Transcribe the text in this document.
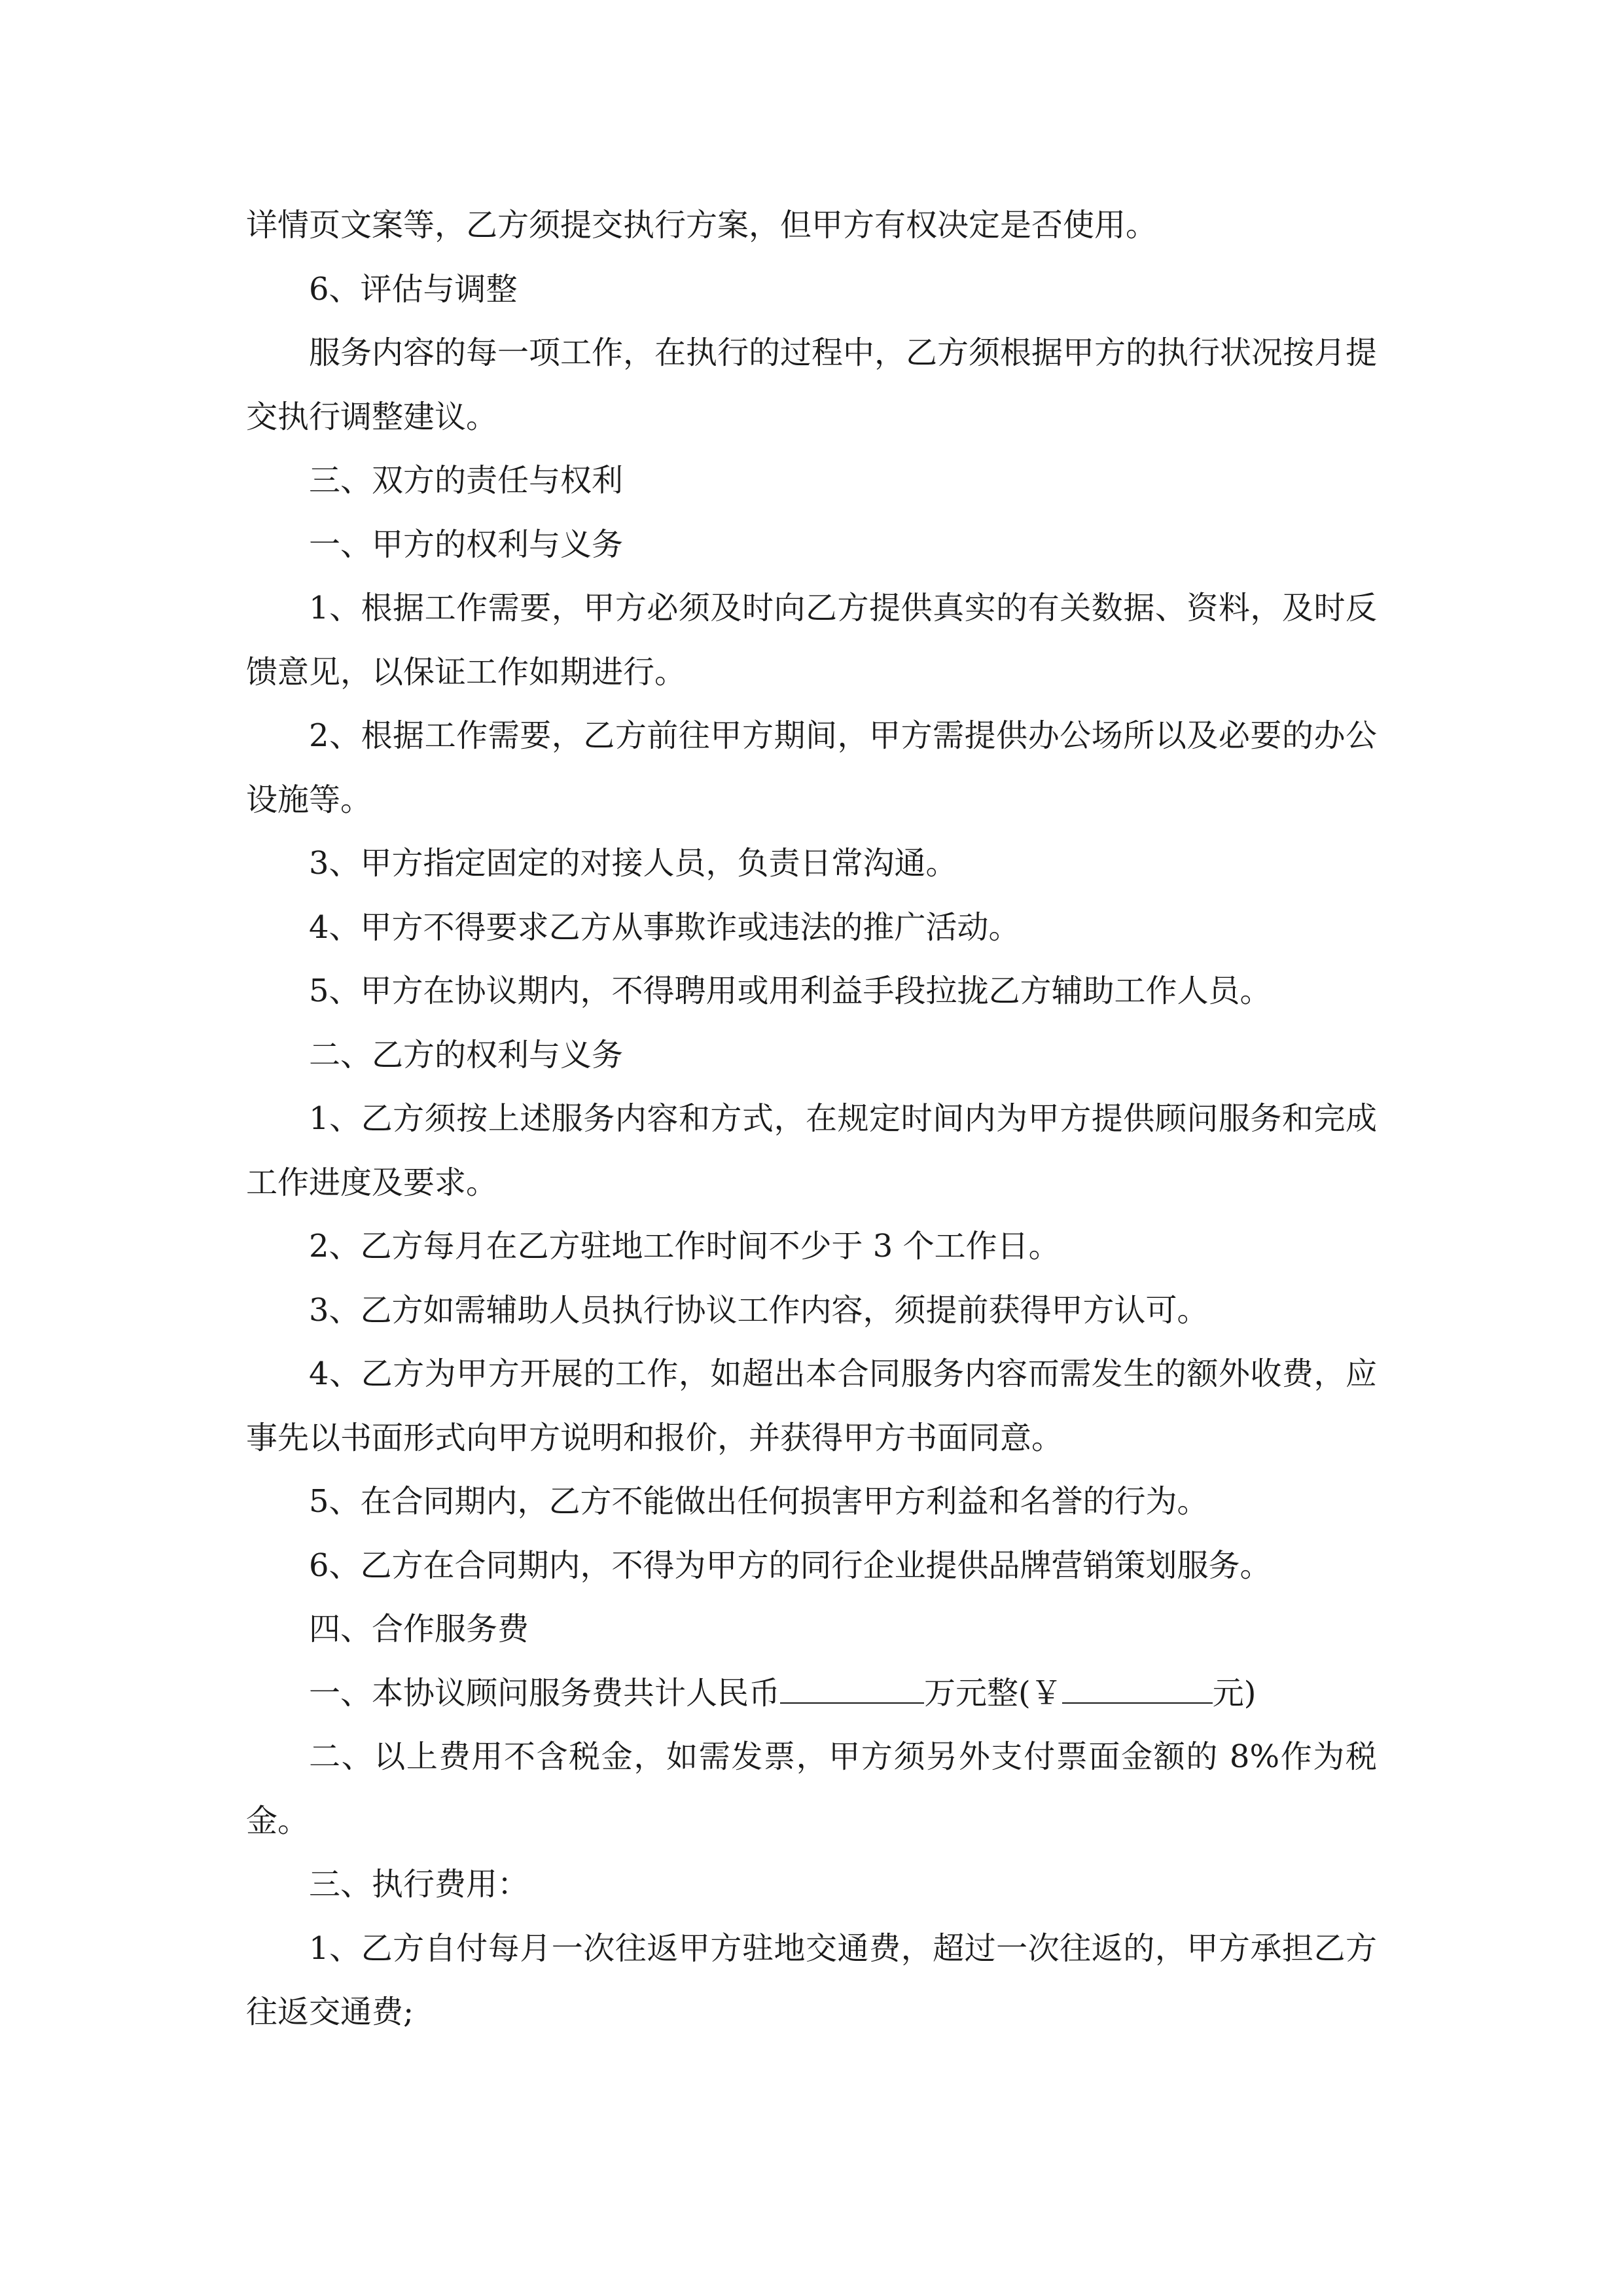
详情页文案等，乙方须提交执行方案，但甲方有权决定是否使用。

6、评估与调整

服务内容的每一项工作，在执行的过程中，乙方须根据甲方的执行状况按月提交执行调整建议。

三、双方的责任与权利

一、甲方的权利与义务

1、根据工作需要，甲方必须及时向乙方提供真实的有关数据、资料，及时反馈意见，以保证工作如期进行。

2、根据工作需要，乙方前往甲方期间，甲方需提供办公场所以及必要的办公设施等。

3、甲方指定固定的对接人员，负责日常沟通。

4、甲方不得要求乙方从事欺诈或违法的推广活动。

5、甲方在协议期内，不得聘用或用利益手段拉拢乙方辅助工作人员。

二、乙方的权利与义务

1、乙方须按上述服务内容和方式，在规定时间内为甲方提供顾问服务和完成工作进度及要求。

2、乙方每月在乙方驻地工作时间不少于 3 个工作日。

3、乙方如需辅助人员执行协议工作内容，须提前获得甲方认可。

4、乙方为甲方开展的工作，如超出本合同服务内容而需发生的额外收费，应事先以书面形式向甲方说明和报价，并获得甲方书面同意。

5、在合同期内，乙方不能做出任何损害甲方利益和名誉的行为。

6、乙方在合同期内，不得为甲方的同行企业提供品牌营销策划服务。

四、合作服务费

一、本协议顾问服务费共计人民币	万元整(￥	元)

二、以上费用不含税金，如需发票，甲方须另外支付票面金额的 8%作为税金。

三、执行费用：

1、乙方自付每月一次往返甲方驻地交通费，超过一次往返的，甲方承担乙方往返交通费;
